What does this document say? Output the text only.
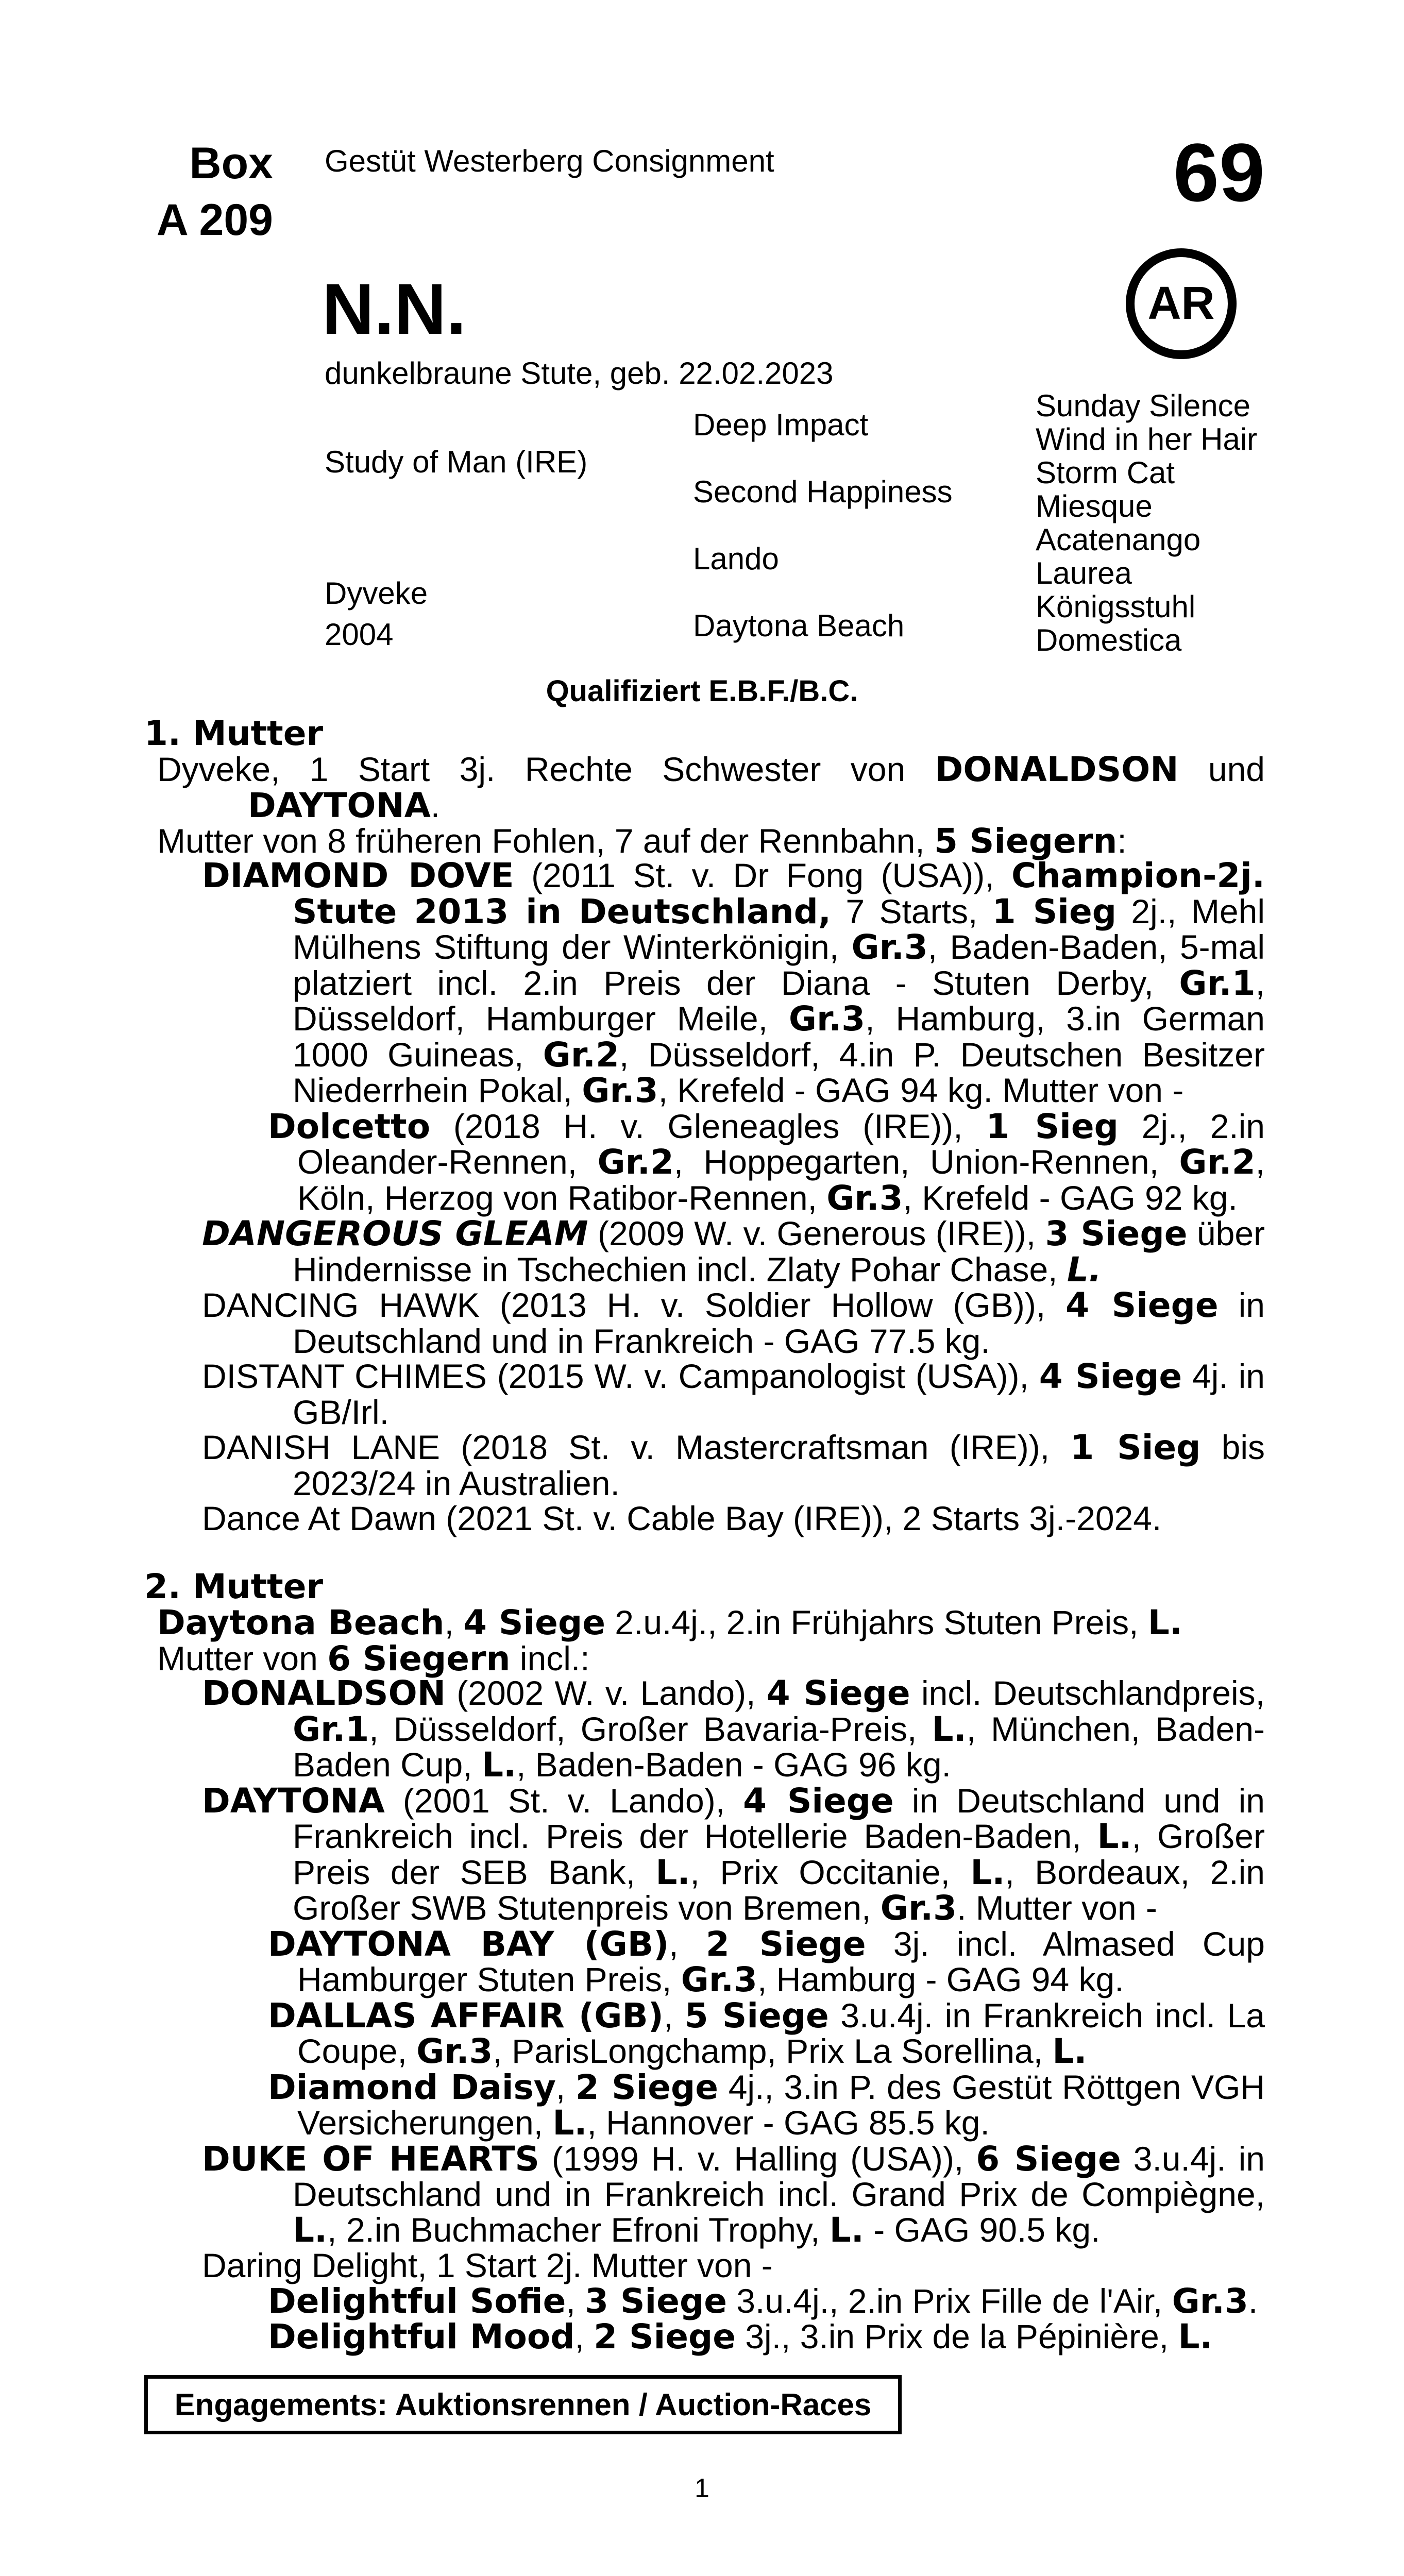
Box
A 209
Gestüt Westerberg Consignment	69
AR
N.N.
dunkelbraune Stute, geb. 22.02.2023
Study of Man (IRE)
Dyveke
2004
Deep Impact
Second Happiness
Lando
Daytona Beach
Sunday Silence
Wind in her Hair
Storm Cat
Miesque
Acatenango
Laurea
Königsstuhl
Domestica
Qualifiziert E.B.F./B.C.
1. Mutter

Dyveke, 1 Start 3j. Rechte Schwester von DONALDSON und DAYTONA.

Mutter von 8 früheren Fohlen, 7 auf der Rennbahn, 5 Siegern:

DIAMOND DOVE (2011 St. v. Dr Fong (USA)), Champion-2j. Stute 2013 in Deutschland, 7 Starts, 1 Sieg 2j., Mehl Mülhens Stiftung der Winterkönigin, Gr.3, Baden-Baden, 5-mal platziert incl. 2.in Preis der Diana - Stuten Derby, Gr.1, Düsseldorf, Hamburger Meile, Gr.3, Hamburg, 3.in German 1000 Guineas, Gr.2, Düsseldorf, 4.in P. Deutschen Besitzer Niederrhein Pokal, Gr.3, Krefeld - GAG 94 kg. Mutter von -

Dolcetto (2018 H. v. Gleneagles (IRE)), 1 Sieg 2j., 2.in Oleander-Rennen, Gr.2, Hoppegarten, Union-Rennen, Gr.2, Köln, Herzog von Ratibor-Rennen, Gr.3, Krefeld - GAG 92 kg.

DANGEROUS GLEAM (2009 W. v. Generous (IRE)), 3 Siege über Hindernisse in Tschechien incl. Zlaty Pohar Chase, L.

DANCING HAWK (2013 H. v. Soldier Hollow (GB)), 4 Siege in Deutschland und in Frankreich - GAG 77.5 kg.

DISTANT CHIMES (2015 W. v. Campanologist (USA)), 4 Siege 4j. in GB/Irl.

DANISH LANE (2018 St. v. Mastercraftsman (IRE)), 1 Sieg bis 2023/24 in Australien.

Dance At Dawn (2021 St. v. Cable Bay (IRE)), 2 Starts 3j.-2024.

2. Mutter

Daytona Beach, 4 Siege 2.u.4j., 2.in Frühjahrs Stuten Preis, L.

Mutter von 6 Siegern incl.:

DONALDSON (2002 W. v. Lando), 4 Siege incl. Deutschlandpreis, Gr.1, Düsseldorf, Großer Bavaria-Preis, L., München, Baden-Baden Cup, L., Baden-Baden - GAG 96 kg.

DAYTONA (2001 St. v. Lando), 4 Siege in Deutschland und in Frankreich incl. Preis der Hotellerie Baden-Baden, L., Großer Preis der SEB Bank, L., Prix Occitanie, L., Bordeaux, 2.in Großer SWB Stutenpreis von Bremen, Gr.3. Mutter von -

DAYTONA BAY (GB), 2 Siege 3j. incl. Almased Cup Hamburger Stuten Preis, Gr.3, Hamburg - GAG 94 kg.

DALLAS AFFAIR (GB), 5 Siege 3.u.4j. in Frankreich incl. La Coupe, Gr.3, ParisLongchamp, Prix La Sorellina, L.

Diamond Daisy, 2 Siege 4j., 3.in P. des Gestüt Röttgen VGH Versicherungen, L., Hannover - GAG 85.5 kg.

DUKE OF HEARTS (1999 H. v. Halling (USA)), 6 Siege 3.u.4j. in Deutschland und in Frankreich incl. Grand Prix de Compiègne, L., 2.in Buchmacher Efroni Trophy, L. - GAG 90.5 kg.

Daring Delight, 1 Start 2j. Mutter von -

Delightful Sofie, 3 Siege 3.u.4j., 2.in Prix Fille de l'Air, Gr.3.

Delightful Mood, 2 Siege 3j., 3.in Prix de la Pépinière, L.

Engagements: Auktionsrennen / Auction-Races
1
